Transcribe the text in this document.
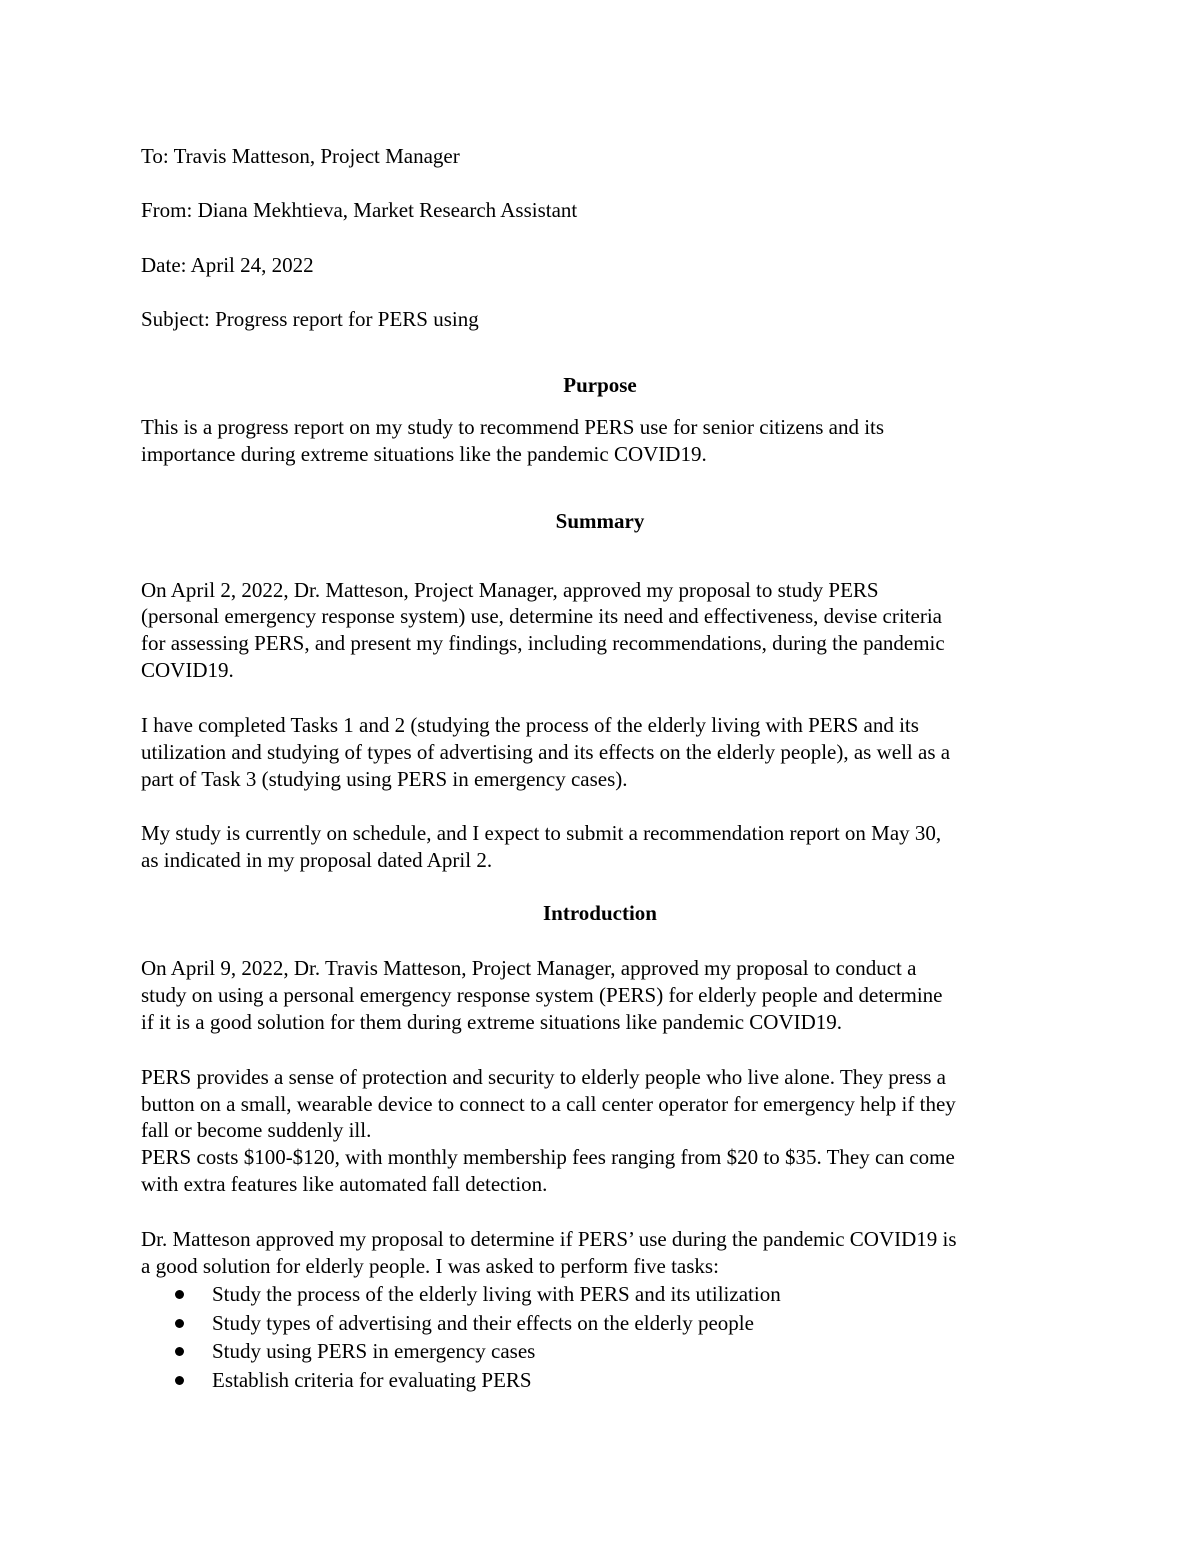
To: Travis Matteson, Project Manager

From: Diana Mekhtieva, Market Research Assistant

Date: April 24, 2022

Subject: Progress report for PERS using

Purpose

This is a progress report on my study to recommend PERS use for senior citizens and its

importance during extreme situations like the pandemic COVID19.

Summary

On April 2, 2022, Dr. Matteson, Project Manager, approved my proposal to study PERS

(personal emergency response system) use, determine its need and effectiveness, devise criteria

for assessing PERS, and present my findings, including recommendations, during the pandemic

COVID19.

I have completed Tasks 1 and 2 (studying the process of the elderly living with PERS and its

utilization and studying of types of advertising and its effects on the elderly people), as well as a

part of Task 3 (studying using PERS in emergency cases).

My study is currently on schedule, and I expect to submit a recommendation report on May 30,

as indicated in my proposal dated April 2.

Introduction

On April 9, 2022, Dr. Travis Matteson, Project Manager, approved my proposal to conduct a

study on using a personal emergency response system (PERS) for elderly people and determine

if it is a good solution for them during extreme situations like pandemic COVID19.

PERS provides a sense of protection and security to elderly people who live alone. They press a

button on a small, wearable device to connect to a call center operator for emergency help if they

fall or become suddenly ill.

PERS costs $100-$120, with monthly membership fees ranging from $20 to $35. They can come

with extra features like automated fall detection.

Dr. Matteson approved my proposal to determine if PERS’ use during the pandemic COVID19 is

a good solution for elderly people. I was asked to perform five tasks:

Study the process of the elderly living with PERS and its utilization

Study types of advertising and their effects on the elderly people

Study using PERS in emergency cases

Establish criteria for evaluating PERS
